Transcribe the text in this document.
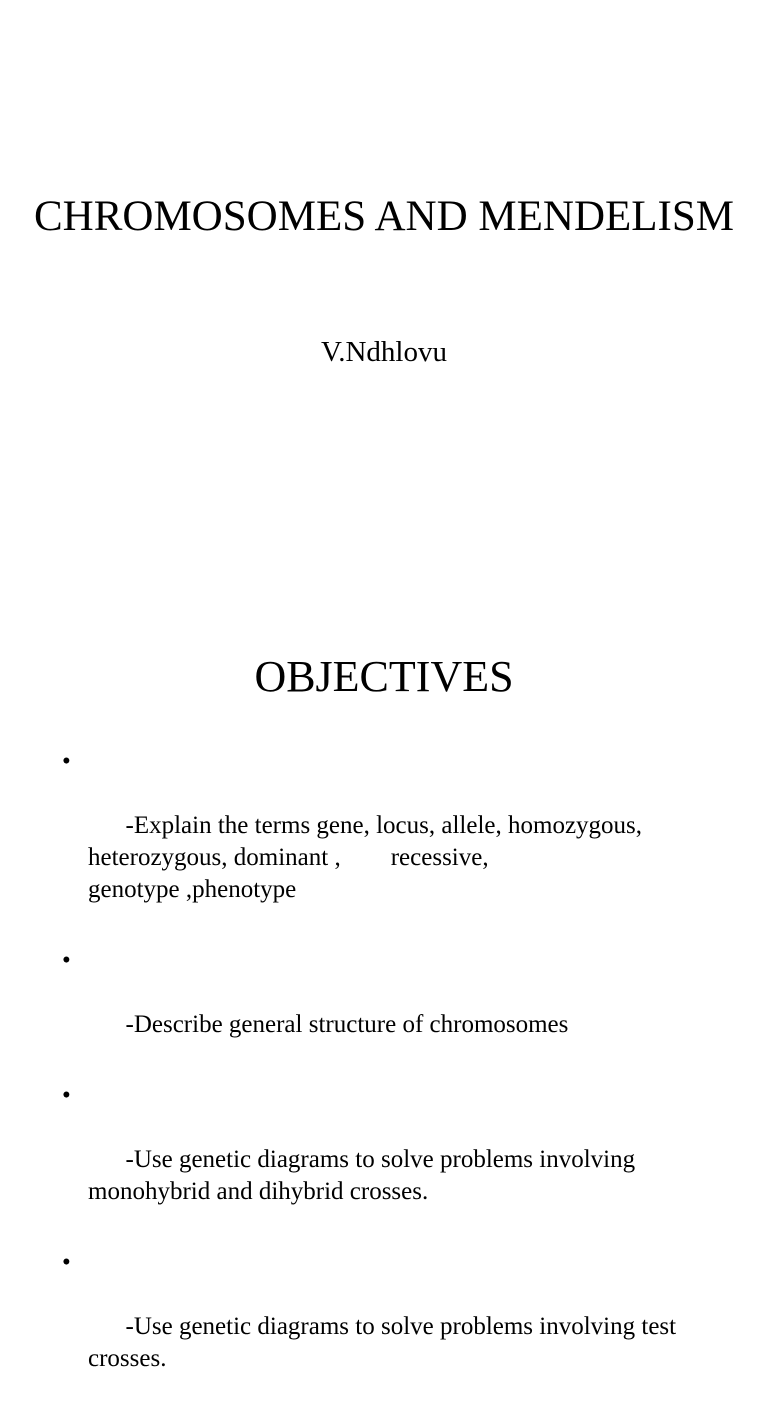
CHROMOSOMES AND MENDELISM

V.Ndhlovu

OBJECTIVES

•

-Explain the terms gene, locus, allele, homozygous,
heterozygous, dominant ,        recessive,
genotype ,phenotype

•

-Describe general structure of chromosomes

•

-Use genetic diagrams to solve problems involving
monohybrid and dihybrid crosses.

•

-Use genetic diagrams to solve problems involving test
crosses.
